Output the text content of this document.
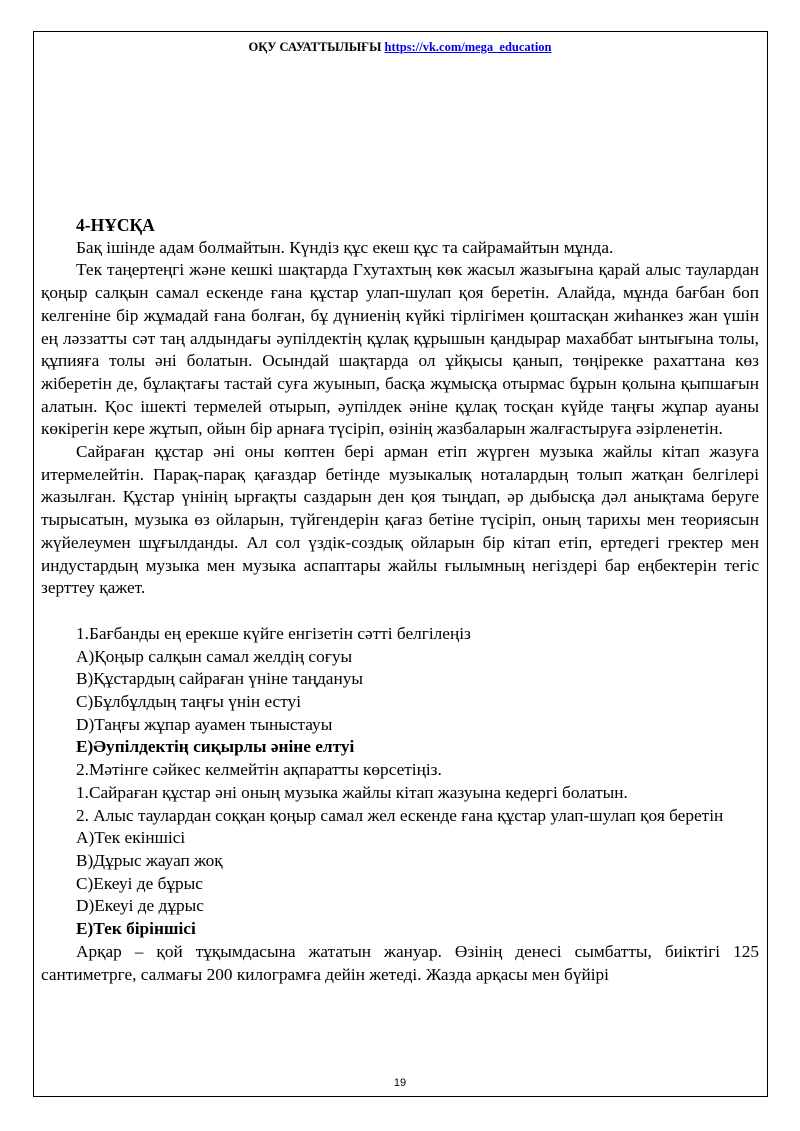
ОҚУ САУАТТЫЛЫҒЫ https://vk.com/mega_education

4-НҰСҚА

Бақ ішінде адам болмайтын. Күндіз құс екеш құс та сайрамайтын мұнда.

Тек таңертеңгі және кешкі шақтарда Гхутахтың көк жасыл жазығына қарай алыс таулардан қоңыр салқын самал ескенде ғана құстар улап-шулап қоя беретін. Алайда, мұнда бағбан боп келгеніне бір жұмадай ғана болған, бұ дүниенің күйкі тірлігімен қоштасқан жиһанкез жан үшін ең ләззатты сәт таң алдындағы әупілдектің құлақ құрышын қандырар махаббат ынтығына толы, құпияға толы әні болатын. Осындай шақтарда ол ұйқысы қанып, төңірекке рахаттана көз жіберетін де, бұлақтағы тастай суға жуынып, басқа жұмысқа отырмас бұрын қолына қыпшағын алатын. Қос ішекті термелей отырып, әупілдек әніне құлақ тосқан күйде таңғы жұпар ауаны көкірегін кере жұтып, ойын бір арнаға түсіріп, өзінің жазбаларын жалғастыруға әзірленетін.

Сайраған құстар әні оны көптен бері арман етіп жүрген музыка жайлы кітап жазуға итермелейтін. Парақ-парақ қағаздар бетінде музыкалық ноталардың толып жатқан белгілері жазылған. Құстар үнінің ырғақты саздарын ден қоя тыңдап, әр дыбысқа дәл анықтама беруге тырысатын, музыка өз ойларын, түйгендерін қағаз бетіне түсіріп, оның тарихы мен теориясын жүйелеумен шұғылданды. Ал сол үздік-создық ойларын бір кітап етіп, ертедегі гректер мен индустардың музыка мен музыка аспаптары жайлы ғылымның негіздері бар еңбектерін тегіс зерттеу қажет.

1.Бағбанды ең ерекше күйге енгізетін сәтті белгілеңіз

A)Қоңыр салқын самал желдің соғуы

B)Құстардың сайраған үніне таңдануы

C)Бұлбұлдың таңғы үнін естуі

D)Таңғы жұпар ауамен тыныстауы

E)Әупілдектің сиқырлы әніне елтуі

2.Мәтінге сәйкес келмейтін ақпаратты көрсетіңіз.

1.Сайраған құстар әні оның музыка жайлы кітап жазуына кедергі болатын.

2. Алыс таулардан соққан қоңыр самал жел ескенде ғана құстар улап-шулап қоя беретін

A)Тек екіншісі

B)Дұрыс жауап жоқ

C)Екеуі де бұрыс

D)Екеуі де дұрыс

E)Тек біріншісі

Арқар – қой тұқымдасына жататын жануар. Өзінің денесі сымбатты, биіктігі 125 сантиметрге, салмағы 200 килограмға дейін жетеді. Жазда арқасы мен бүйірі

19
